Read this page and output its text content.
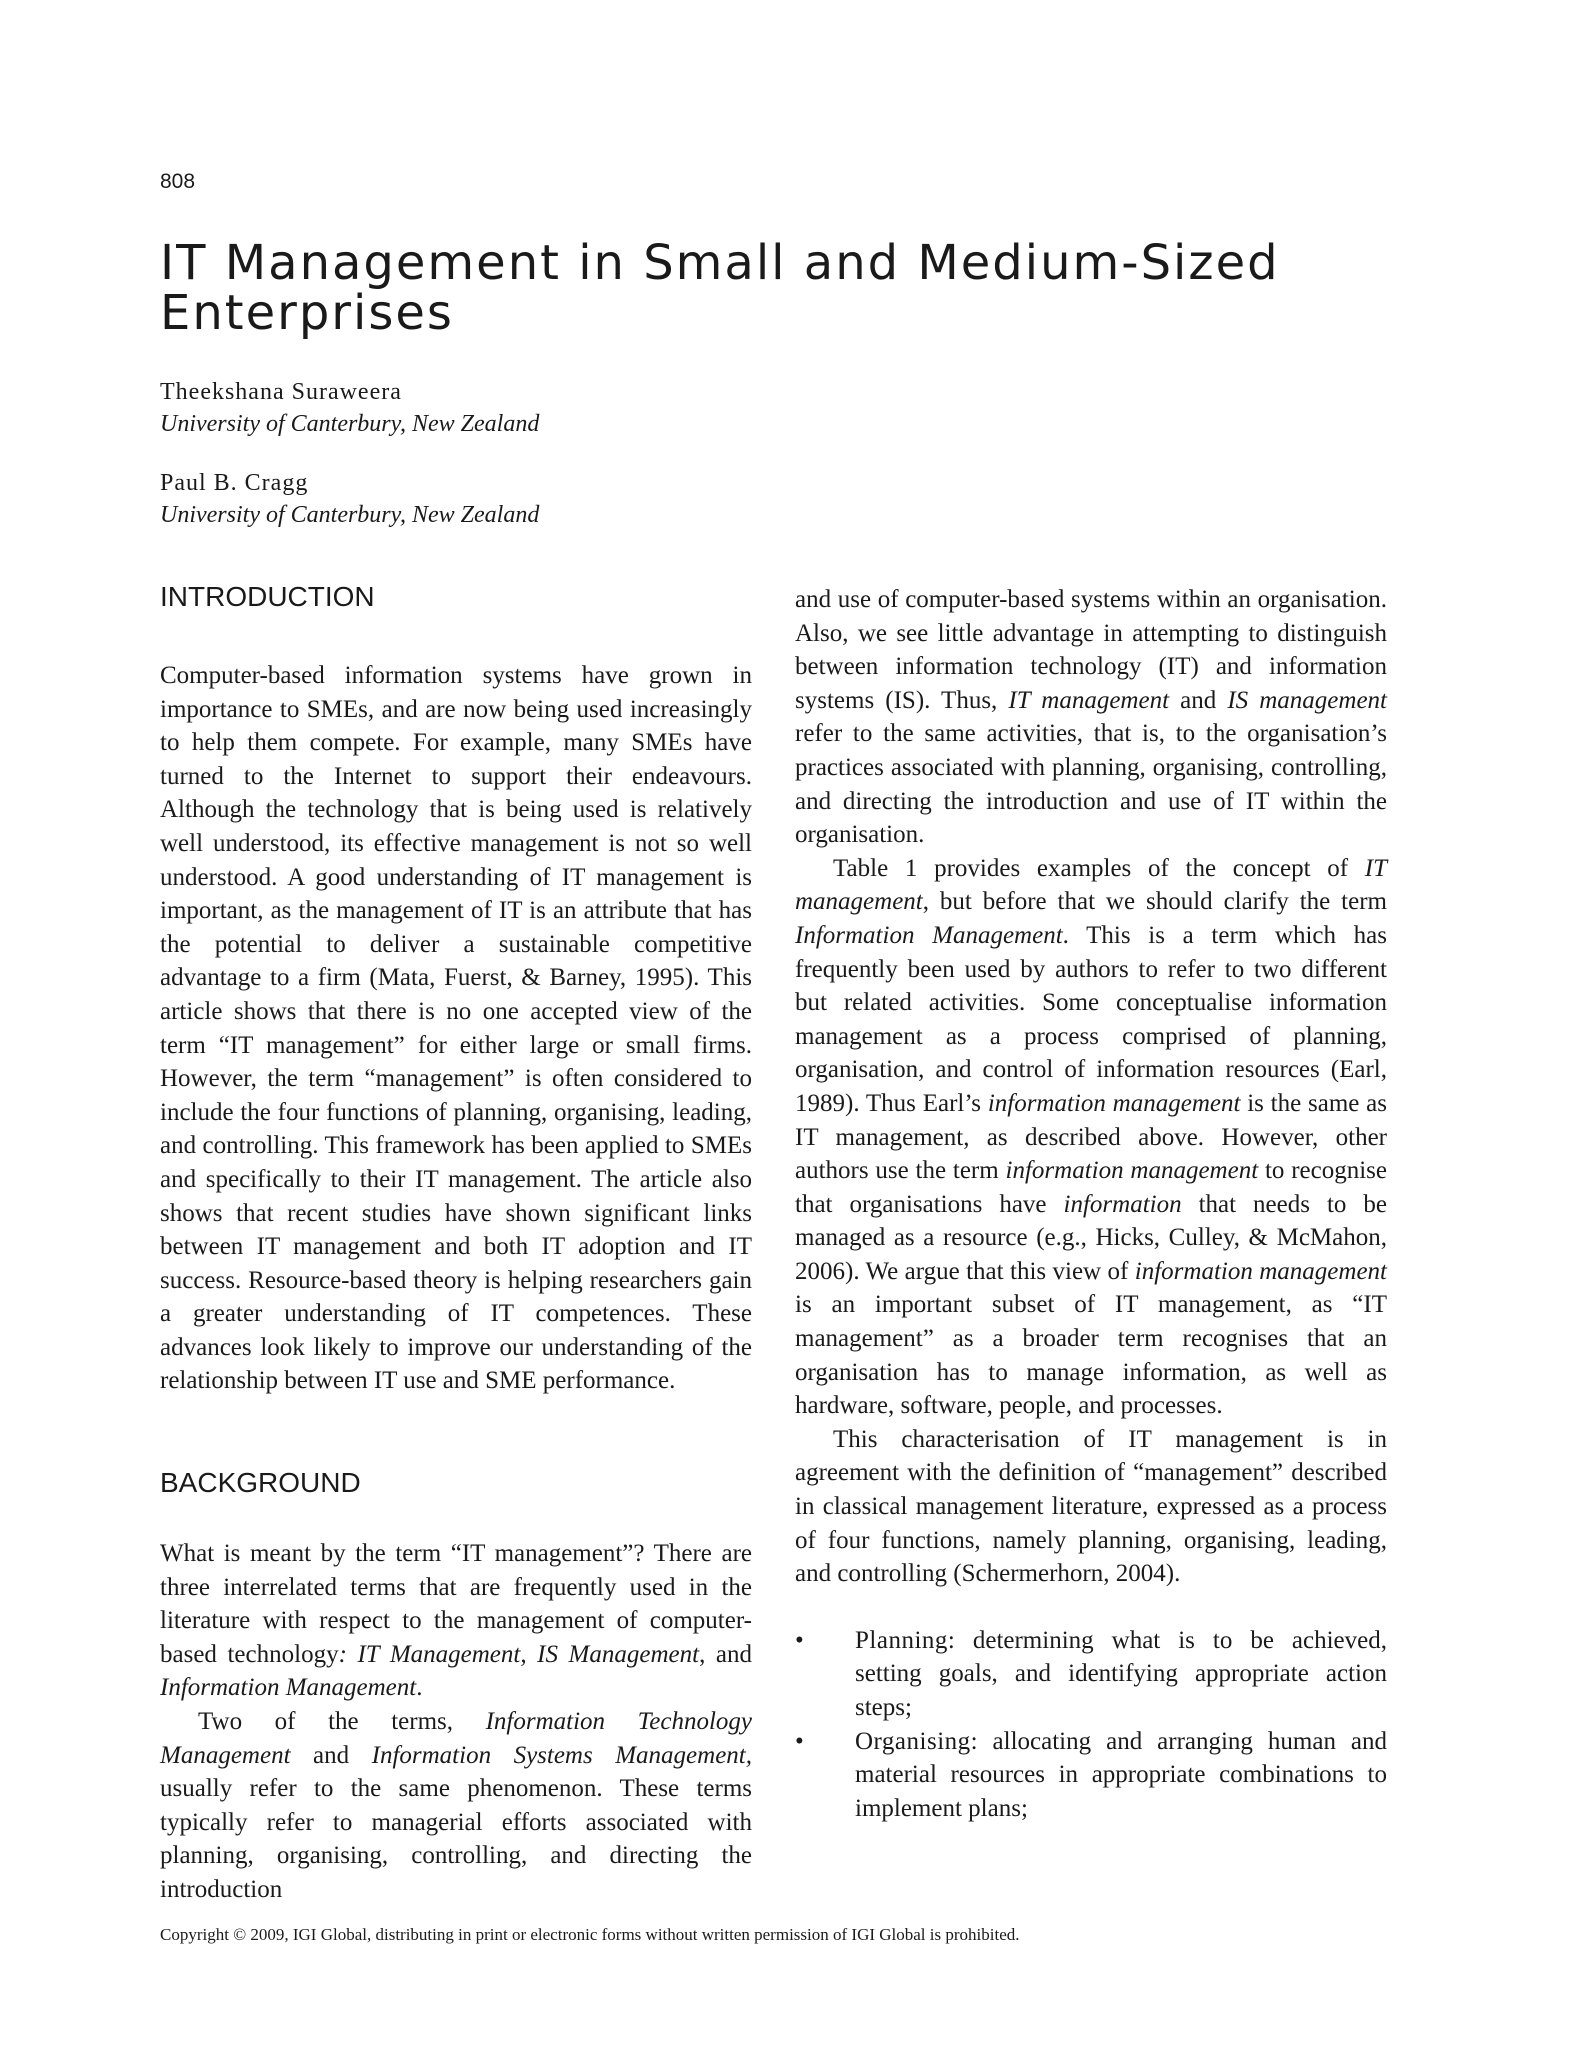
808
IT Management in Small and Medium-Sized Enterprises
Theekshana Suraweera
University of Canterbury, New Zealand
Paul B. Cragg
University of Canterbury, New Zealand
INTRODUCTION

Computer-based information systems have grown in importance to SMEs, and are now being used increasingly to help them compete. For example, many SMEs have turned to the Internet to support their endeavours. Although the technology that is being used is relatively well understood, its effective management is not so well understood. A good understanding of IT management is important, as the management of IT is an attribute that has the potential to deliver a sustainable competitive advantage to a firm (Mata, Fuerst, & Barney, 1995). This article shows that there is no one accepted view of the term “IT management” for either large or small firms. However, the term “management” is often considered to include the four functions of planning, organising, leading, and controlling. This framework has been applied to SMEs and specifically to their IT management. The article also shows that recent studies have shown significant links between IT management and both IT adoption and IT success. Resource-based theory is helping researchers gain a greater understanding of IT competences. These advances look likely to improve our understanding of the relationship between IT use and SME performance.

BACKGROUND

What is meant by the term “IT management”? There are three interrelated terms that are frequently used in the literature with respect to the management of computer-based technology: IT Management, IS Management, and Information Management.

Two of the terms, Information Technology Management and Information Systems Management, usually refer to the same phenomenon. These terms typically refer to managerial efforts associated with planning, organising, controlling, and directing the introduction

and use of computer-based systems within an organisation. Also, we see little advantage in attempting to distinguish between information technology (IT) and information systems (IS). Thus, IT management and IS management refer to the same activities, that is, to the organisation’s practices associated with planning, organising, controlling, and directing the introduction and use of IT within the organisation.

Table 1 provides examples of the concept of IT management, but before that we should clarify the term Information Management. This is a term which has frequently been used by authors to refer to two different but related activities. Some conceptualise information management as a process comprised of planning, organisation, and control of information resources (Earl, 1989). Thus Earl’s information management is the same as IT management, as described above. However, other authors use the term information management to recognise that organisations have information that needs to be managed as a resource (e.g., Hicks, Culley, & McMahon, 2006). We argue that this view of information management is an important subset of IT management, as “IT management” as a broader term recognises that an organisation has to manage information, as well as hardware, software, people, and processes.

This characterisation of IT management is in agreement with the definition of “management” described in classical management literature, expressed as a process of four functions, namely planning, organising, leading, and controlling (Schermerhorn, 2004).

• Planning: determining what is to be achieved, setting goals, and identifying appropriate action steps;
• Organising: allocating and arranging human and material resources in appropriate combinations to implement plans;
Copyright © 2009, IGI Global, distributing in print or electronic forms without written permission of IGI Global is prohibited.
